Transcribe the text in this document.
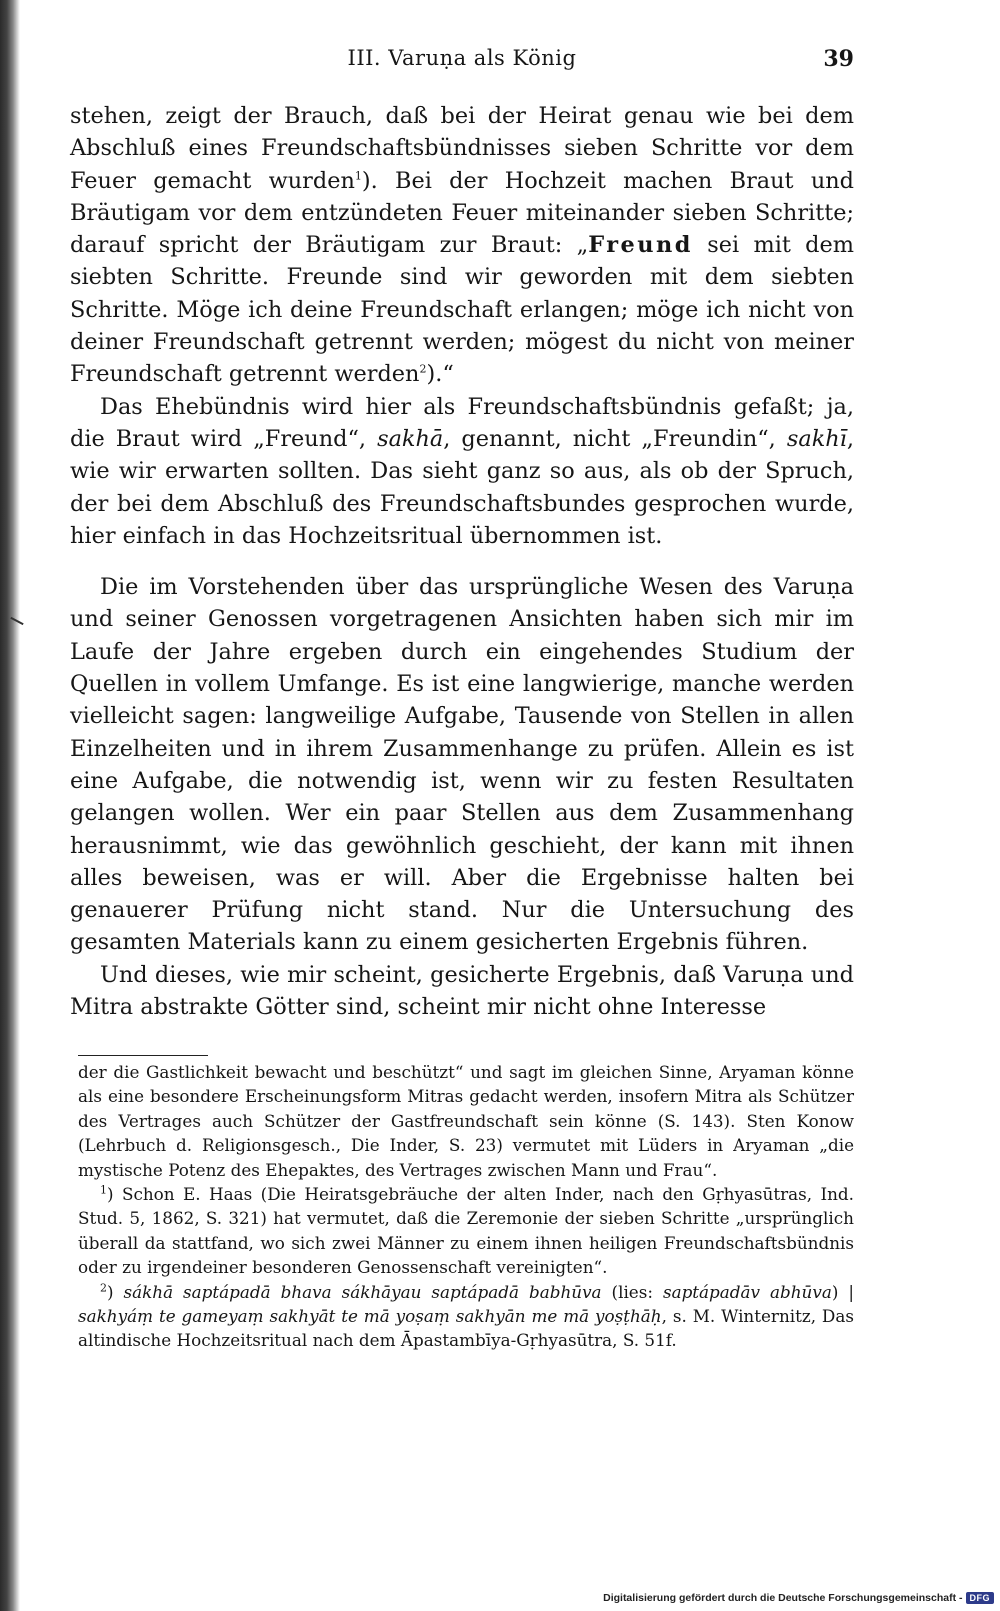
III. Varuṇa als König	39

stehen, zeigt der Brauch, daß bei der Heirat genau wie bei dem Abschluß eines Freundschaftsbündnisses sieben Schritte vor dem Feuer gemacht wurden$^1$). Bei der Hochzeit machen Braut und Bräutigam vor dem entzündeten Feuer miteinander sieben Schritte; darauf spricht der Bräutigam zur Braut: „Freund sei mit dem siebten Schritte. Freunde sind wir geworden mit dem siebten Schritte. Möge ich deine Freundschaft erlangen; möge ich nicht von deiner Freundschaft getrennt werden; mögest du nicht von meiner Freundschaft getrennt werden$^2$).“

Das Ehebündnis wird hier als Freundschaftsbündnis gefaßt; ja, die Braut wird „Freund“, sakhā, genannt, nicht „Freundin“, sakhī, wie wir erwarten sollten. Das sieht ganz so aus, als ob der Spruch, der bei dem Abschluß des Freundschaftsbundes gesprochen wurde, hier einfach in das Hochzeitsritual übernommen ist.

Die im Vorstehenden über das ursprüngliche Wesen des Varuṇa und seiner Genossen vorgetragenen Ansichten haben sich mir im Laufe der Jahre ergeben durch ein eingehendes Studium der Quellen in vollem Umfange. Es ist eine langwierige, manche werden vielleicht sagen: langweilige Aufgabe, Tausende von Stellen in allen Einzelheiten und in ihrem Zusammenhange zu prüfen. Allein es ist eine Aufgabe, die notwendig ist, wenn wir zu festen Resultaten gelangen wollen. Wer ein paar Stellen aus dem Zusammenhang herausnimmt, wie das gewöhnlich geschieht, der kann mit ihnen alles beweisen, was er will. Aber die Ergebnisse halten bei genauerer Prüfung nicht stand. Nur die Untersuchung des gesamten Materials kann zu einem gesicherten Ergebnis führen.

Und dieses, wie mir scheint, gesicherte Ergebnis, daß Varuṇa und Mitra abstrakte Götter sind, scheint mir nicht ohne Interesse

der die Gastlichkeit bewacht und beschützt“ und sagt im gleichen Sinne, Aryaman könne als eine besondere Erscheinungsform Mitras gedacht werden, insofern Mitra als Schützer des Vertrages auch Schützer der Gastfreundschaft sein könne (S. 143). Sten Konow (Lehrbuch d. Religionsgesch., Die Inder, S. 23) vermutet mit Lüders in Aryaman „die mystische Potenz des Ehepaktes, des Vertrages zwischen Mann und Frau“.

$^1$) Schon E. Haas (Die Heiratsgebräuche der alten Inder, nach den Gṛhyasūtras, Ind. Stud. 5, 1862, S. 321) hat vermutet, daß die Zeremonie der sieben Schritte „ursprünglich überall da stattfand, wo sich zwei Männer zu einem ihnen heiligen Freundschaftsbündnis oder zu irgendeiner besonderen Genossenschaft vereinigten“.

$^2$) sákhā saptápadā bhava sákhāyau saptápadā babhūva (lies: saptápadāv abhūva) | sakhyáṃ te gameyaṃ sakhyāt te mā yoṣaṃ sakhyān me mā yoṣṭhāḥ, s. M. Winternitz, Das altindische Hochzeitsritual nach dem Āpastambīya-Gṛhyasūtra, S. 51f.

Digitalisierung gefördert durch die Deutsche Forschungsgemeinschaft - DFG
